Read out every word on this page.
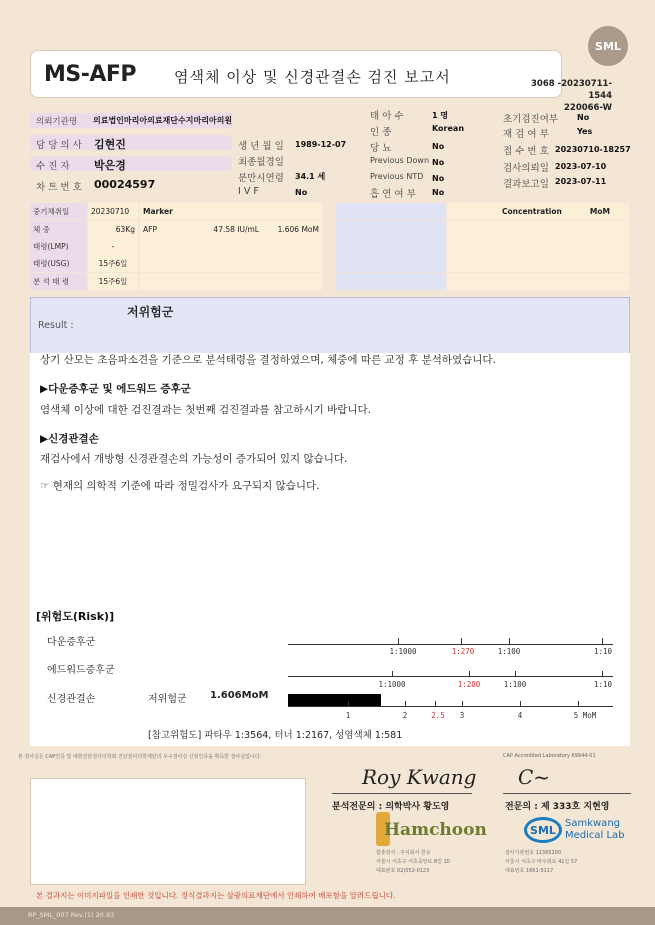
SML
MS-AFP	염색체 이상 및 신경관결손 검진 보고서	3068 -20230711-1544
220066-W
의뢰기관명 의료법인마리아의료재단수지마리아의원
담 당 의 사 김현진
수 진 자 박은경
차 트 번 호 00024597
생 년 월 일 1989-12-07
최종월경일
분만시연령 34.1 세
I V F	No
태 아 수	1 명
인 종	Korean
당 뇨	No
Previous Down No
Previous NTD No
흡 연 여 부 No
초기검진여부 No
재 검 여 부	Yes
접 수 번 호 20230710-18257
검사의뢰일 2023-07-10
결과보고일 2023-07-11
중기채취일	20230710
체 중	63Kg
태령(LMP)	-
태령(USG)	15주6일
분 석 태 령	15주6일
Marker
AFP	47.58 IU/mL	1.606 MoM
Concentration	MoM
Result :
저위험군
상기 산모는 초음파소견을 기준으로 분석태령을 결정하였으며, 체중에 따른 교정 후 분석하였습니다.
▶다운증후군 및 에드워드 증후군
염색체 이상에 대한 검진결과는 첫번째 검진결과를 참고하시기 바랍니다.
▶신경관결손
재검사에서 개방형 신경관결손의 가능성이 증가되어 있지 않습니다.
☞ 현재의 의학적 기준에 따라 정밀검사가 요구되지 않습니다.
[위험도(Risk)]
다운증후군
에드워드증후군
신경관결손	저위험군 1.606MoM
1:1000	1:270	1:100	1:10
1:1000	1:200	1:100	1:10
1	2	2.5 3	4	5 MoM
[참고위험도] 파타우 1:3564, 터너 1:2167, 성염색체 1:581
본 검사실은 CAP인증 및 대한진단검사의학회 진단검사의학재단의 우수검사실 신임인증을 획득한 검사실입니다.	CAP Accredited Laboratory 69944-01
Roy Kwang
분석전문의 : 의학박사 황도영
C~
전문의 : 제 333호 지현영
Hamchoon
함춘검사 · 주식회사 한유
서울시 서초구 서초중앙로 8길 10
대표번호 02)552-0123
SML Samkwang
Medical Lab
검사기관번호 11365200
서울시 서초구 바우뫼로 41길 57
대표번호 1661-5117
본 결과지는 이미지파일을 인쇄한 것입니다. 정식결과지는 삼광의료재단에서 인쇄하여 배포함을 알려드립니다.
RP_SML_007 Rev.(1) 20.93
